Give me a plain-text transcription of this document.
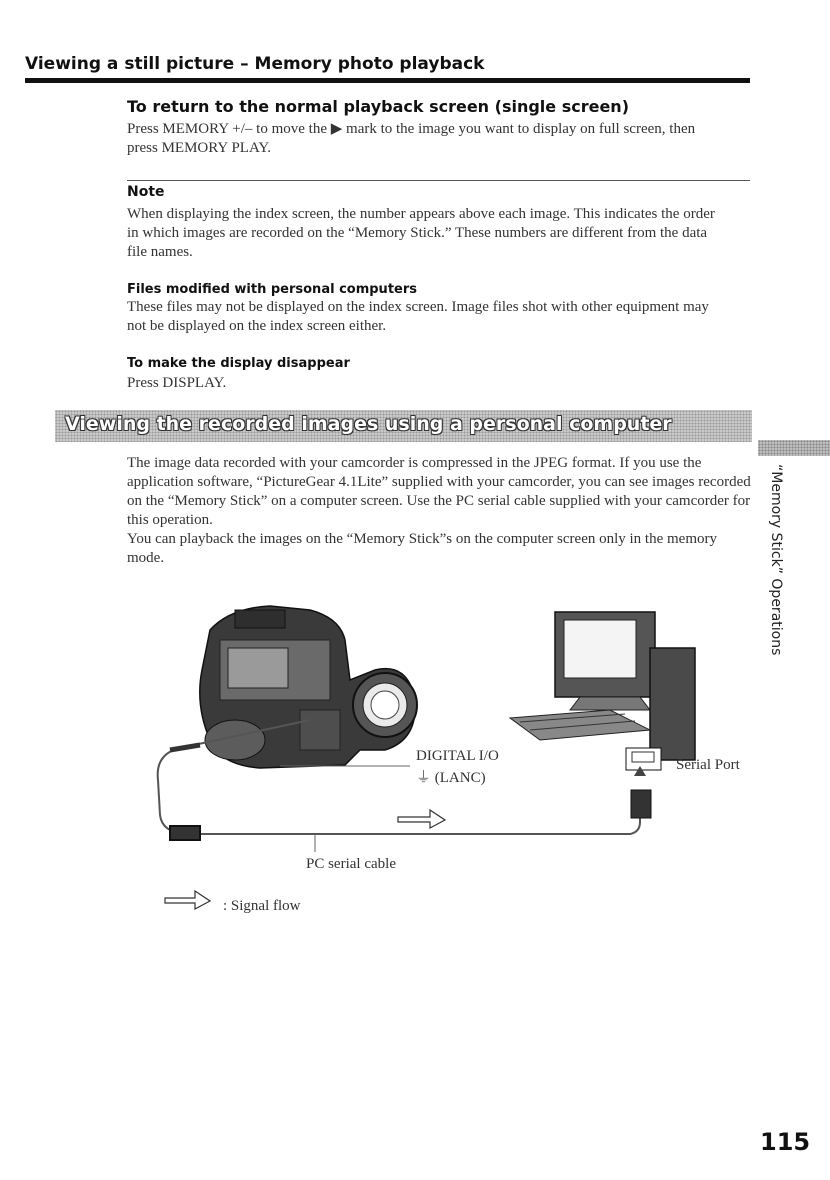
Viewing a still picture – Memory photo playback
To return to the normal playback screen (single screen)

Press MEMORY +/– to move the ▶ mark to the image you want to display on full screen, then press MEMORY PLAY.

Note

When displaying the index screen, the number appears above each image. This indicates the order in which images are recorded on the “Memory Stick.” These numbers are different from the data file names.

Files modified with personal computers

These files may not be displayed on the index screen. Image files shot with other equipment may not be displayed on the index screen either.

To make the display disappear

Press DISPLAY.

Viewing the recorded images using a personal computer

The image data recorded with your camcorder is compressed in the JPEG format. If you use the application software, “PictureGear 4.1Lite” supplied with your camcorder, you can see images recorded on the “Memory Stick” on a computer screen. Use the PC serial cable supplied with your camcorder for this operation.

You can playback the images on the “Memory Stick”s on the computer screen only in the memory mode.	“Memory Stick” Operations

DIGITAL I/O

⏚ (LANC)

Serial Port

PC serial cable

: Signal flow

115
